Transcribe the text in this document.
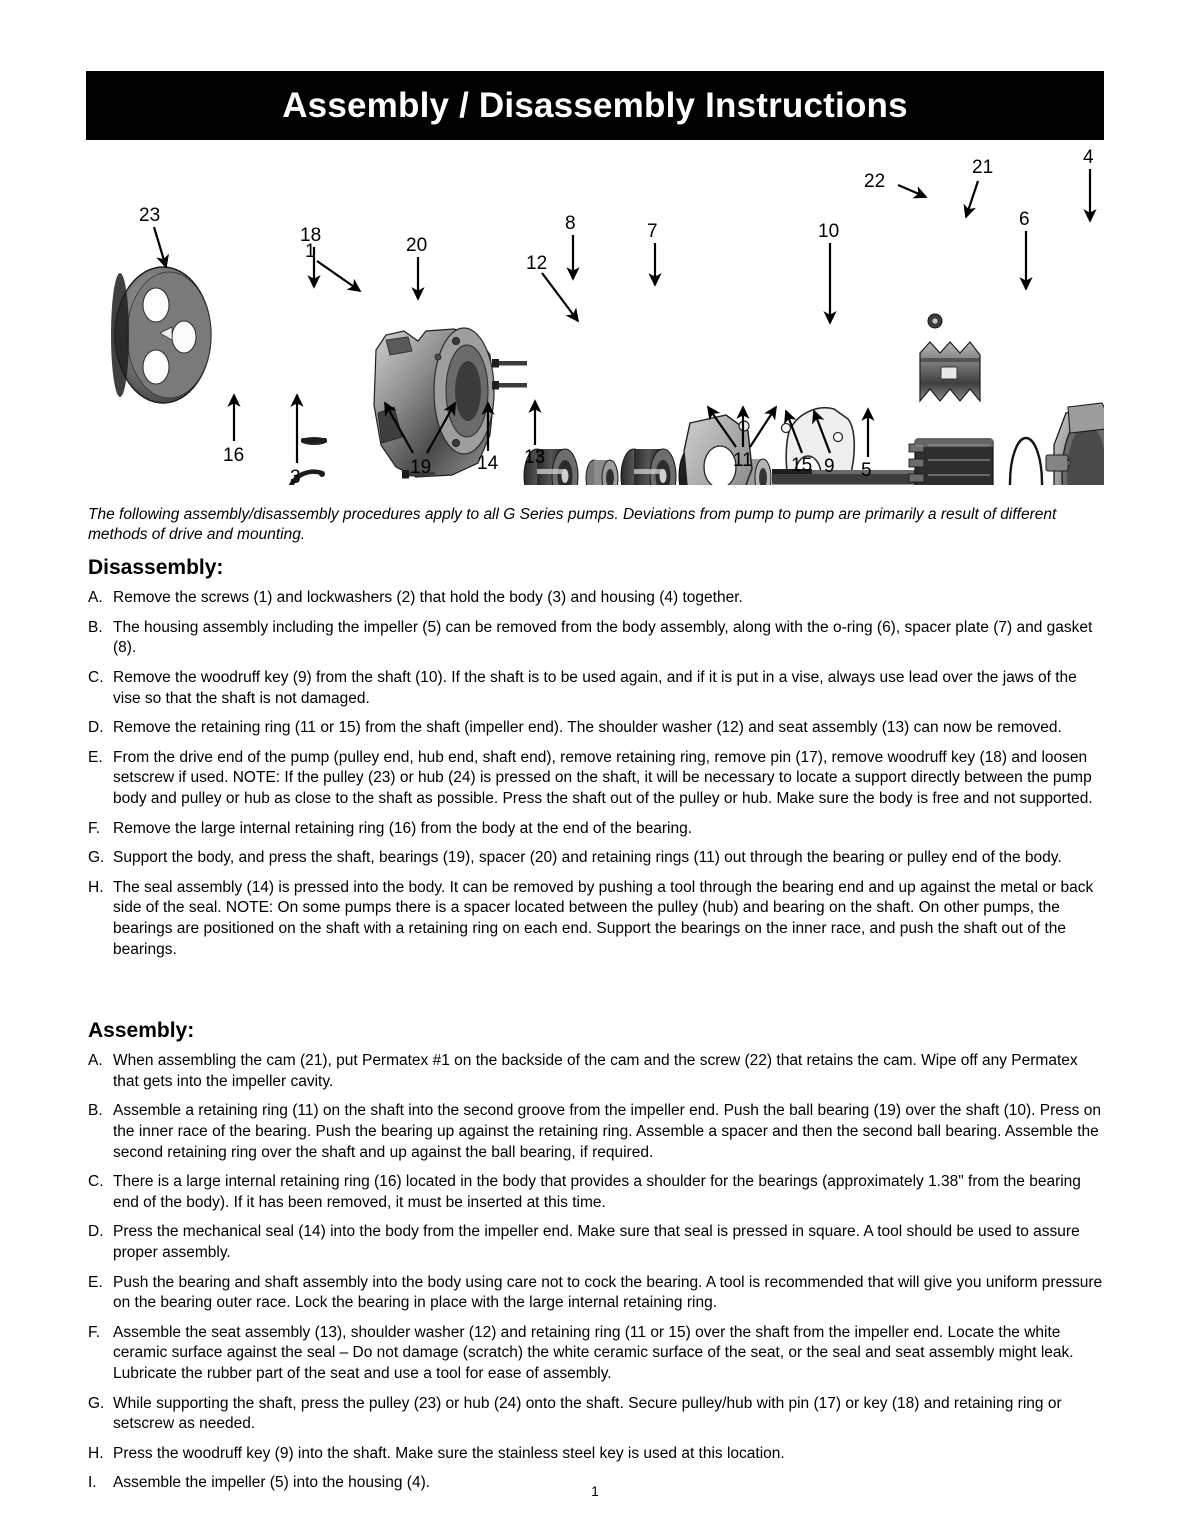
Assembly / Disassembly Instructions
23
18
1	20
12
8	7	10
22
21
6
4
16
3	19 14 13	11 15 9 5

The following assembly/disassembly procedures apply to all G Series pumps. Deviations from pump to pump are primarily a result of different methods of drive and mounting.

Disassembly:
A. Remove the screws (1) and lockwashers (2) that hold the body (3) and housing (4) together.
B. The housing assembly including the impeller (5) can be removed from the body assembly, along with the o-ring (6), spacer plate (7) and gasket (8).
C. Remove the woodruff key (9) from the shaft (10). If the shaft is to be used again, and if it is put in a vise, always use lead over the jaws of the vise so that the shaft is not damaged.
D. Remove the retaining ring (11 or 15) from the shaft (impeller end). The shoulder washer (12) and seat assembly (13) can now be removed.
E. From the drive end of the pump (pulley end, hub end, shaft end), remove retaining ring, remove pin (17), remove woodruff key (18) and loosen setscrew if used. NOTE: If the pulley (23) or hub (24) is pressed on the shaft, it will be necessary to locate a support directly between the pump body and pulley or hub as close to the shaft as possible. Press the shaft out of the pulley or hub. Make sure the body is free and not supported.
F. Remove the large internal retaining ring (16) from the body at the end of the bearing.
G. Support the body, and press the shaft, bearings (19), spacer (20) and retaining rings (11) out through the bearing or pulley end of the body.
H. The seal assembly (14) is pressed into the body. It can be removed by pushing a tool through the bearing end and up against the metal or back side of the seal. NOTE: On some pumps there is a spacer located between the pulley (hub) and bearing on the shaft. On other pumps, the bearings are positioned on the shaft with a retaining ring on each end. Support the bearings on the inner race, and push the shaft out of the bearings.
Assembly:
A. When assembling the cam (21), put Permatex #1 on the backside of the cam and the screw (22) that retains the cam. Wipe off any Permatex that gets into the impeller cavity.
B. Assemble a retaining ring (11) on the shaft into the second groove from the impeller end. Push the ball bearing (19) over the shaft (10). Press on the inner race of the bearing. Push the bearing up against the retaining ring. Assemble a spacer and then the second ball bearing. Assemble the second retaining ring over the shaft and up against the ball bearing, if required.
C. There is a large internal retaining ring (16) located in the body that provides a shoulder for the bearings (approximately 1.38" from the bearing end of the body). If it has been removed, it must be inserted at this time.
D. Press the mechanical seal (14) into the body from the impeller end. Make sure that seal is pressed in square. A tool should be used to assure proper assembly.
E. Push the bearing and shaft assembly into the body using care not to cock the bearing. A tool is recommended that will give you uniform pressure on the bearing outer race. Lock the bearing in place with the large internal retaining ring.
F. Assemble the seat assembly (13), shoulder washer (12) and retaining ring (11 or 15) over the shaft from the impeller end. Locate the white ceramic surface against the seal – Do not damage (scratch) the white ceramic surface of the seat, or the seal and seat assembly might leak. Lubricate the rubber part of the seat and use a tool for ease of assembly.
G. While supporting the shaft, press the pulley (23) or hub (24) onto the shaft. Secure pulley/hub with pin (17) or key (18) and retaining ring or setscrew as needed.
H. Press the woodruff key (9) into the shaft. Make sure the stainless steel key is used at this location.
I.	Assemble the impeller (5) into the housing (4).	1
